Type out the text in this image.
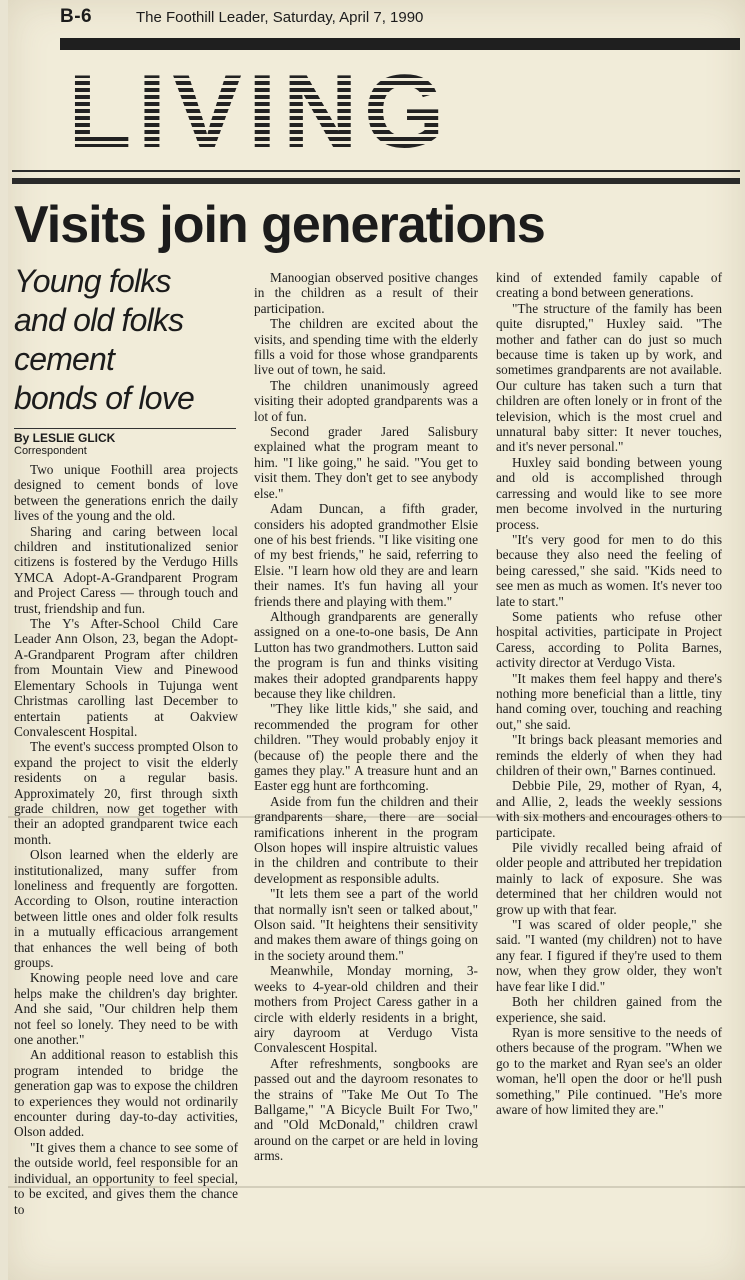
B-6	The Foothill Leader, Saturday, April 7, 1990
LIVING
Visits join generations
Young folks
and old folks
cement
bonds of love
By LESLIE GLICK
Correspondent

Two unique Foothill area projects designed to cement bonds of love between the generations enrich the daily lives of the young and the old.

Sharing and caring between local children and institutionalized senior citizens is fostered by the Verdugo Hills YMCA Adopt-A-Grandparent Program and Project Caress — through touch and trust, friendship and fun.

The Y's After-School Child Care Leader Ann Olson, 23, began the Adopt-A-Grandparent Program after children from Mountain View and Pinewood Elementary Schools in Tujunga went Christmas carolling last December to entertain patients at Oakview Convalescent Hospital.

The event's success prompted Olson to expand the project to visit the elderly residents on a regular basis. Approximately 20, first through sixth grade children, now get together with their an adopted grandparent twice each month.

Olson learned when the elderly are institutionalized, many suffer from loneliness and frequently are forgotten. According to Olson, routine interaction between little ones and older folk results in a mutually efficacious arrangement that enhances the well being of both groups.

Knowing people need love and care helps make the children's day brighter. And she said, "Our children help them not feel so lonely. They need to be with one another."

An additional reason to establish this program intended to bridge the generation gap was to expose the children to experiences they would not ordinarily encounter during day-to-day activities, Olson added.

"It gives them a chance to see some of the outside world, feel responsible for an individual, an opportunity to feel special, to be excited, and gives them the chance to

Manoogian observed positive changes in the children as a result of their participation.

The children are excited about the visits, and spending time with the elderly fills a void for those whose grandparents live out of town, he said.

The children unanimously agreed visiting their adopted grandparents was a lot of fun.

Second grader Jared Salisbury explained what the program meant to him. "I like going," he said. "You get to visit them. They don't get to see anybody else."

Adam Duncan, a fifth grader, considers his adopted grandmother Elsie one of his best friends. "I like visiting one of my best friends," he said, referring to Elsie. "I learn how old they are and learn their names. It's fun having all your friends there and playing with them."

Although grandparents are generally assigned on a one-to-one basis, De Ann Lutton has two grandmothers. Lutton said the program is fun and thinks visiting makes their adopted grandparents happy because they like children.

"They like little kids," she said, and recommended the program for other children. "They would probably enjoy it (because of) the people there and the games they play." A treasure hunt and an Easter egg hunt are forthcoming.

Aside from fun the children and their grandparents share, there are social ramifications inherent in the program Olson hopes will inspire altruistic values in the children and contribute to their development as responsible adults.

"It lets them see a part of the world that normally isn't seen or talked about," Olson said. "It heightens their sensitivity and makes them aware of things going on in the society around them."

Meanwhile, Monday morning, 3-weeks to 4-year-old children and their mothers from Project Caress gather in a circle with elderly residents in a bright, airy dayroom at Verdugo Vista Convalescent Hospital.

After refreshments, songbooks are passed out and the dayroom resonates to the strains of "Take Me Out To The Ballgame," "A Bicycle Built For Two," and "Old McDonald," children crawl around on the carpet or are held in loving arms.

kind of extended family capable of creating a bond between generations.

"The structure of the family has been quite disrupted," Huxley said. "The mother and father can do just so much because time is taken up by work, and sometimes grandparents are not available. Our culture has taken such a turn that children are often lonely or in front of the television, which is the most cruel and unnatural baby sitter: It never touches, and it's never personal."

Huxley said bonding between young and old is accomplished through carressing and would like to see more men become involved in the nurturing process.

"It's very good for men to do this because they also need the feeling of being caressed," she said. "Kids need to see men as much as women. It's never too late to start."

Some patients who refuse other hospital activities, participate in Project Caress, according to Polita Barnes, activity director at Verdugo Vista.

"It makes them feel happy and there's nothing more beneficial than a little, tiny hand coming over, touching and reaching out," she said.

"It brings back pleasant memories and reminds the elderly of when they had children of their own," Barnes continued.

Debbie Pile, 29, mother of Ryan, 4, and Allie, 2, leads the weekly sessions with six mothers and encourages others to participate.

Pile vividly recalled being afraid of older people and attributed her trepidation mainly to lack of exposure. She was determined that her children would not grow up with that fear.

"I was scared of older people," she said. "I wanted (my children) not to have any fear. I figured if they're used to them now, when they grow older, they won't have fear like I did."

Both her children gained from the experience, she said.

Ryan is more sensitive to the needs of others because of the program. "When we go to the market and Ryan see's an older woman, he'll open the door or he'll push something," Pile continued. "He's more aware of how limited they are."
